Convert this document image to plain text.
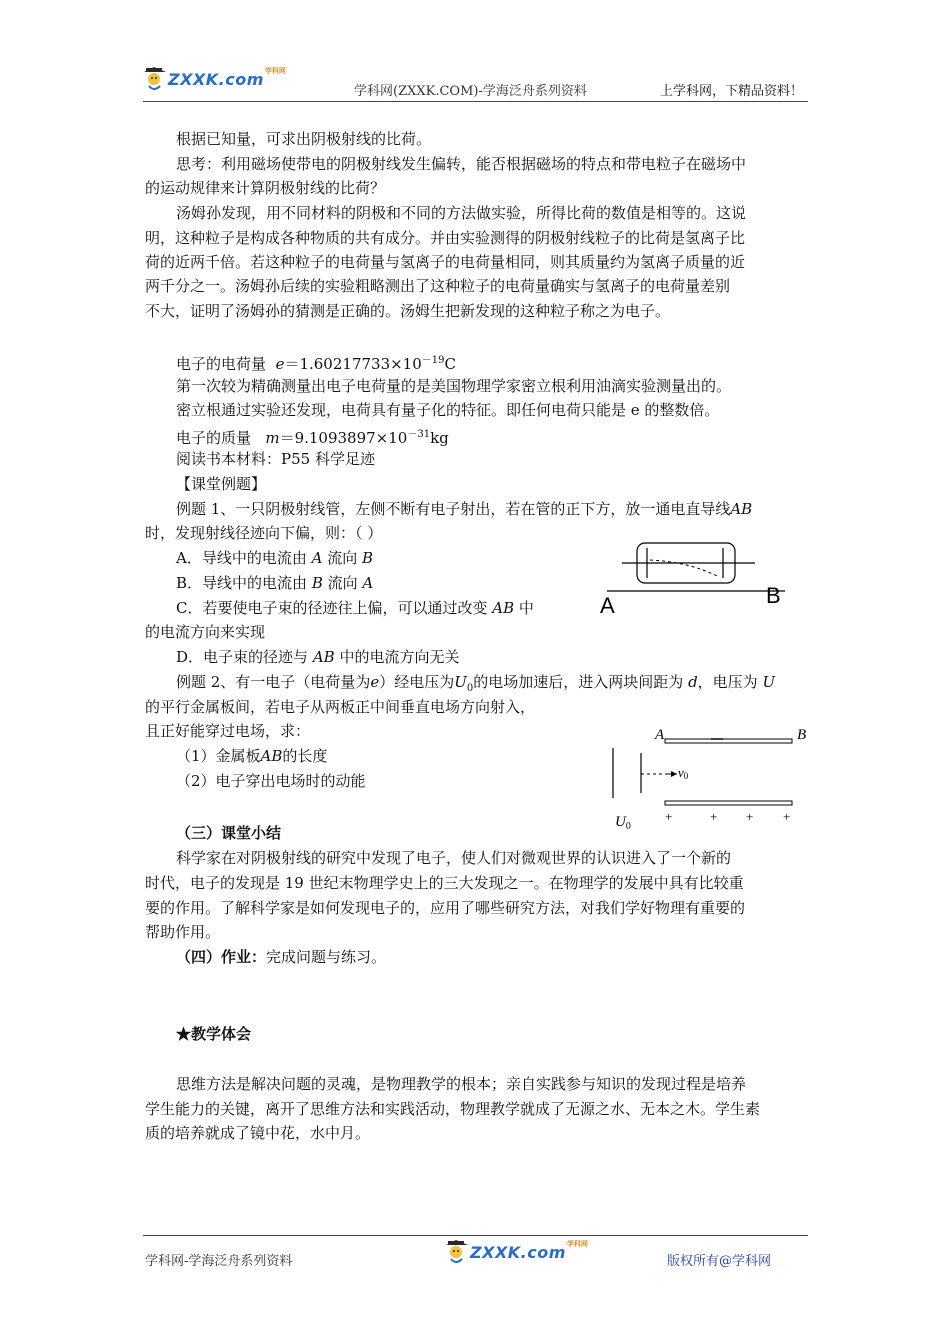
ZXXK.com 学科网
学科网(ZXXK.COM)-学海泛舟系列资料	上学科网，下精品资料！

根据已知量，可求出阴极射线的比荷。

思考：利用磁场使带电的阴极射线发生偏转，能否根据磁场的特点和带电粒子在磁场中

的运动规律来计算阴极射线的比荷？

汤姆孙发现，用不同材料的阴极和不同的方法做实验，所得比荷的数值是相等的。这说

明，这种粒子是构成各种物质的共有成分。并由实验测得的阴极射线粒子的比荷是氢离子比

荷的近两千倍。若这种粒子的电荷量与氢离子的电荷量相同，则其质量约为氢离子质量的近

两千分之一。汤姆孙后续的实验粗略测出了这种粒子的电荷量确实与氢离子的电荷量差别

不大，证明了汤姆孙的猜测是正确的。汤姆生把新发现的这种粒子称之为电子。

电子的电荷量 $e=1.60217733\times 10^{-19}C$

第一次较为精确测量出电子电荷量的是美国物理学家密立根利用油滴实验测量出的。

密立根通过实验还发现，电荷具有量子化的特征。即任何电荷只能是 e 的整数倍。

电子的质量 $m=9.1093897\times 10^{-31}kg$

阅读书本材料：P55 科学足迹

【课堂例题】

例题 1、一只阴极射线管，左侧不断有电子射出，若在管的正下方，放一通电直导线AB

时，发现射线径迹向下偏，则：（ ）

A．导线中的电流由 A 流向 B

B．导线中的电流由 B 流向 A

C．若要使电子束的径迹往上偏，可以通过改变 AB 中

的电流方向来实现

D．电子束的径迹与 AB 中的电流方向无关

例题 2、有一电子（电荷量为e）经电压为$U_0$的电场加速后，进入两块间距为 d，电压为 U

的平行金属板间，若电子从两板正中间垂直电场方向射入，

且正好能穿过电场，求：

（1）金属板AB的长度

（2）电子穿出电场时的动能

（三）课堂小结

科学家在对阴极射线的研究中发现了电子，使人们对微观世界的认识进入了一个新的

时代，电子的发现是 19 世纪末物理学史上的三大发现之一。在物理学的发展中具有比较重

要的作用。了解科学家是如何发现电子的，应用了哪些研究方法，对我们学好物理有重要的

帮助作用。

（四）作业：完成问题与练习。

★教学体会

思维方法是解决问题的灵魂，是物理教学的根本；亲自实践参与知识的发现过程是培养

学生能力的关键，离开了思维方法和实践活动，物理教学就成了无源之水、无本之木。学生素

质的培养就成了镜中花，水中月。

A	B
A	B
v0
$U_0$
+	+ + +
学科网-学海泛舟系列资料	ZXXK.com 学科网
版权所有@学科网
